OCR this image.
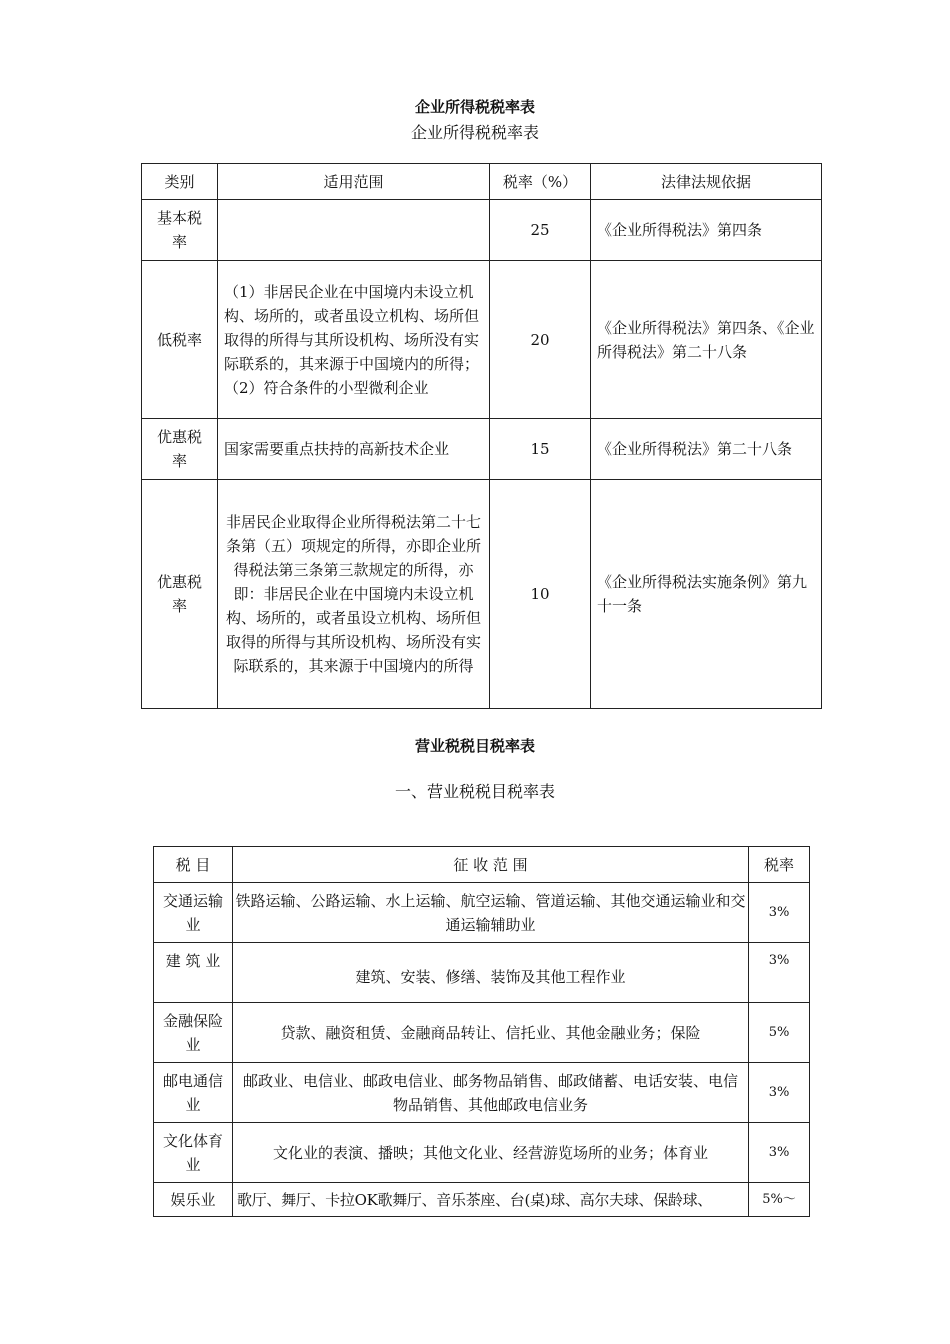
企业所得税税率表
企业所得税税率表
类别	适用范围	税率（%）	法律法规依据
基本税率		25	《企业所得税法》第四条
低税率	（1）非居民企业在中国境内未设立机构、场所的，或者虽设立机构、场所但取得的所得与其所设机构、场所没有实际联系的，其来源于中国境内的所得；（2）符合条件的小型微利企业	20	《企业所得税法》第四条、《企业所得税法》第二十八条
优惠税率	国家需要重点扶持的高新技术企业	15	《企业所得税法》第二十八条
优惠税率	非居民企业取得企业所得税法第二十七条第（五）项规定的所得，亦即企业所得税法第三条第三款规定的所得，亦即：非居民企业在中国境内未设立机构、场所的，或者虽设立机构、场所但取得的所得与其所设机构、场所没有实际联系的，其来源于中国境内的所得	10	《企业所得税法实施条例》第九十一条
营业税税目税率表
一、营业税税目税率表
税 目	征 收 范 围	税率
交通运输业	铁路运输、公路运输、水上运输、航空运输、管道运输、其他交通运输业和交通运输辅助业	3%
建 筑 业	建筑、安装、修缮、装饰及其他工程作业	3%
金融保险业	贷款、融资租赁、金融商品转让、信托业、其他金融业务；保险	5%
邮电通信业	邮政业、电信业、邮政电信业、邮务物品销售、邮政储蓄、电话安装、电信物品销售、其他邮政电信业务	3%
文化体育业	文化业的表演、播映；其他文化业、经营游览场所的业务；体育业	3%
娱乐业	歌厅、舞厅、卡拉OK歌舞厅、音乐茶座、台(桌)球、高尔夫球、保龄球、	5%～
